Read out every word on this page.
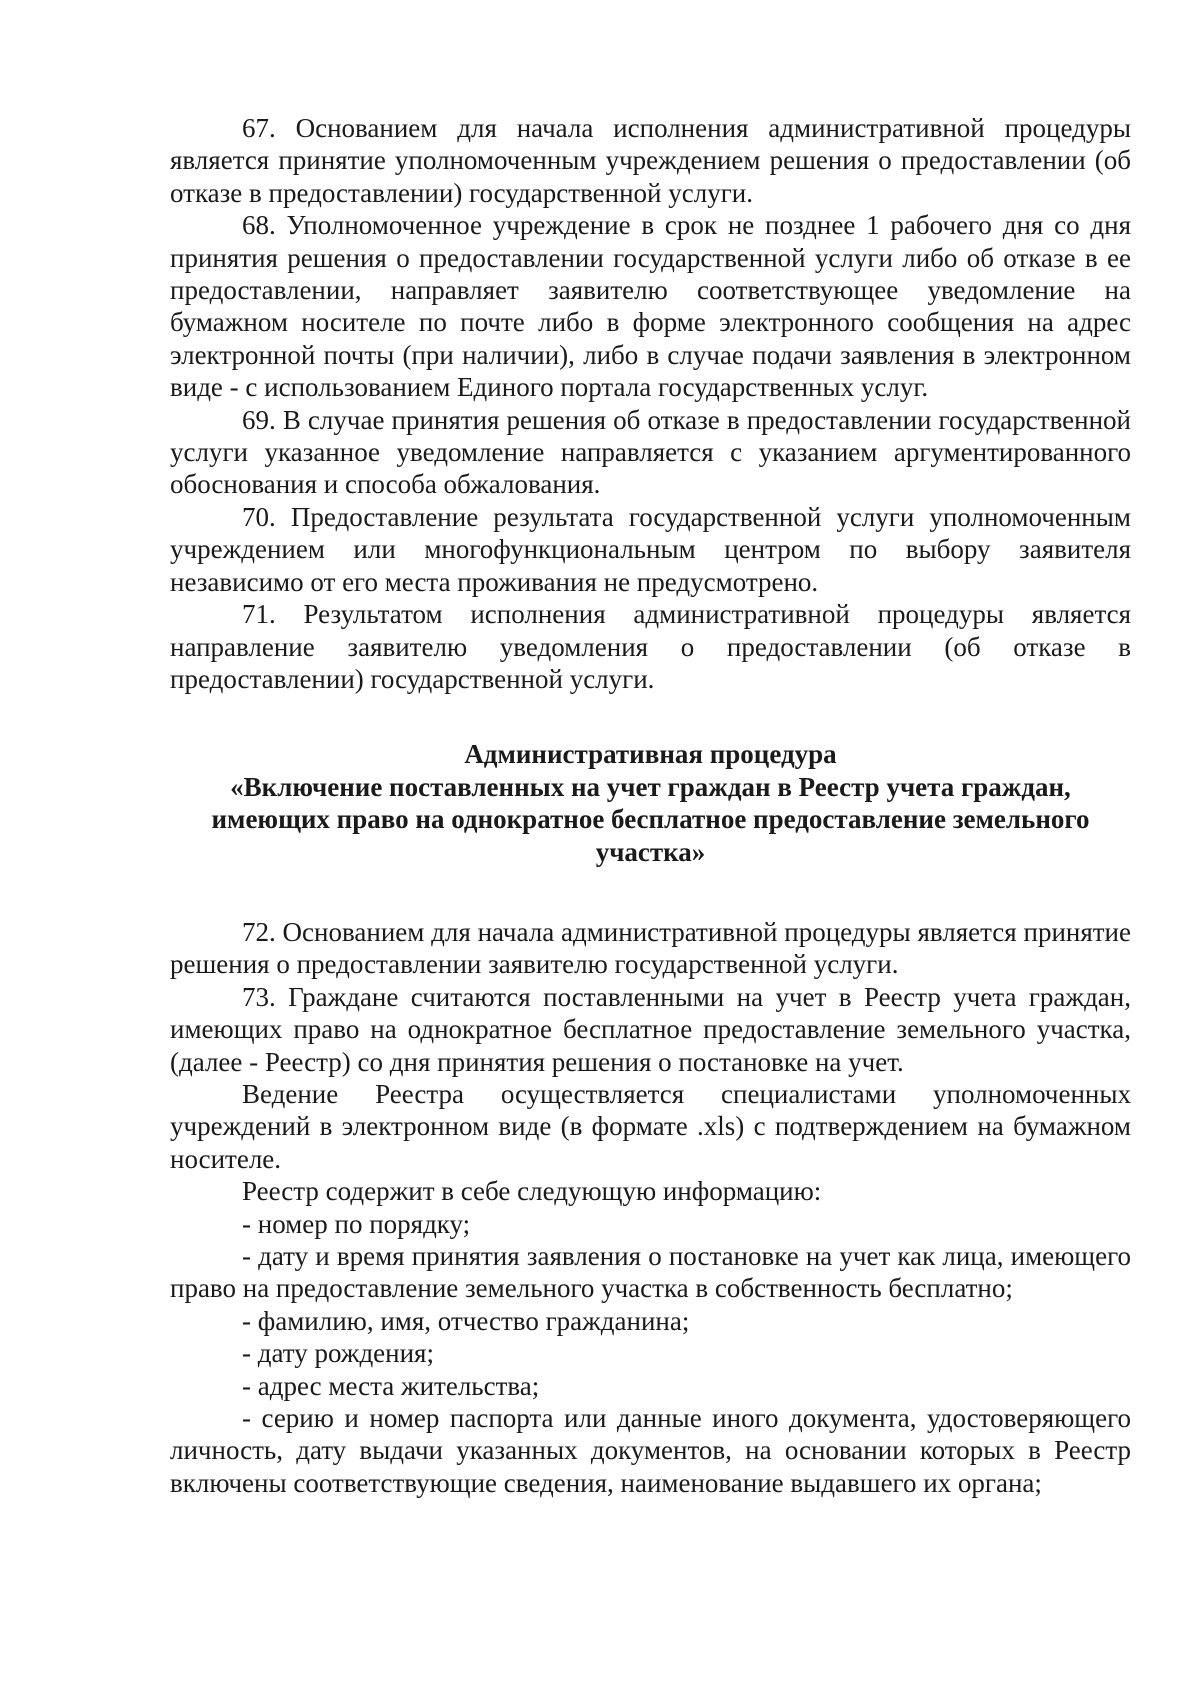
67. Основанием для начала исполнения административной процедуры является принятие уполномоченным учреждением решения о предоставлении (об отказе в предоставлении) государственной услуги.

68. Уполномоченное учреждение в срок не позднее 1 рабочего дня со дня принятия решения о предоставлении государственной услуги либо об отказе в ее предоставлении, направляет заявителю соответствующее уведомление на бумажном носителе по почте либо в форме электронного сообщения на адрес электронной почты (при наличии), либо в случае подачи заявления в электронном виде - с использованием Единого портала государственных услуг.

69. В случае принятия решения об отказе в предоставлении государственной услуги указанное уведомление направляется с указанием аргументированного обоснования и способа обжалования.

70. Предоставление результата государственной услуги уполномоченным учреждением или многофункциональным центром по выбору заявителя независимо от его места проживания не предусмотрено.

71. Результатом исполнения административной процедуры является направление заявителю уведомления о предоставлении (об отказе в предоставлении) государственной услуги.

Административная процедура
«Включение поставленных на учет граждан в Реестр учета граждан, имеющих право на однократное бесплатное предоставление земельного участка»

72. Основанием для начала административной процедуры является принятие решения о предоставлении заявителю государственной услуги.

73. Граждане считаются поставленными на учет в Реестр учета граждан, имеющих право на однократное бесплатное предоставление земельного участка, (далее - Реестр) со дня принятия решения о постановке на учет.

Ведение Реестра осуществляется специалистами уполномоченных учреждений в электронном виде (в формате .xls) с подтверждением на бумажном носителе.

Реестр содержит в себе следующую информацию:

- номер по порядку;

- дату и время принятия заявления о постановке на учет как лица, имеющего право на предоставление земельного участка в собственность бесплатно;

- фамилию, имя, отчество гражданина;

- дату рождения;

- адрес места жительства;

- серию и номер паспорта или данные иного документа, удостоверяющего личность, дату выдачи указанных документов, на основании которых в Реестр включены соответствующие сведения, наименование выдавшего их органа;
